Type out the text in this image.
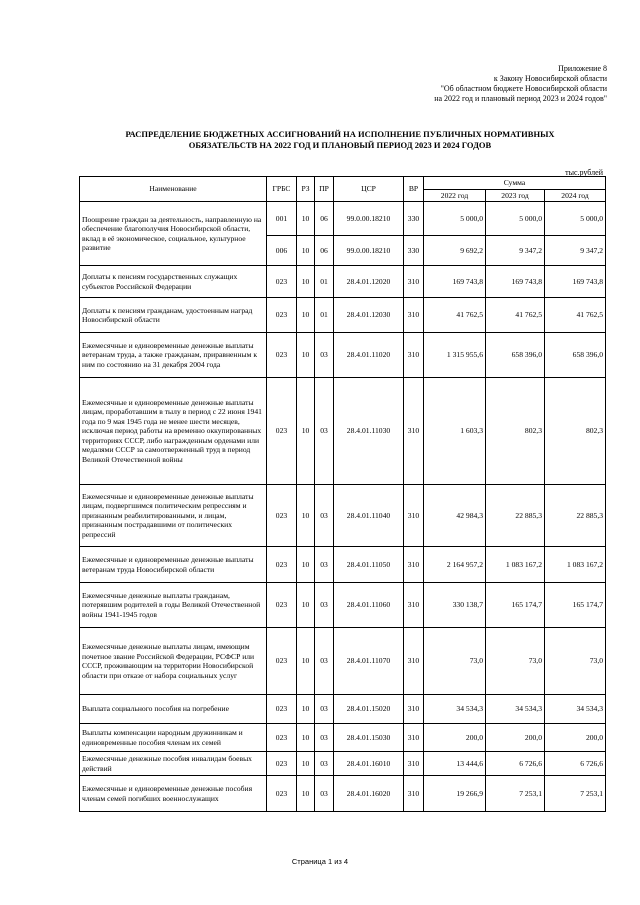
Приложение 8
к Закону Новосибирской области
"Об областном бюджете Новосибирской области
на 2022 год и плановый период 2023 и 2024 годов"
РАСПРЕДЕЛЕНИЕ БЮДЖЕТНЫХ АССИГНОВАНИЙ НА ИСПОЛНЕНИЕ ПУБЛИЧНЫХ НОРМАТИВНЫХ
ОБЯЗАТЕЛЬСТВ НА 2022 ГОД И ПЛАНОВЫЙ ПЕРИОД 2023 И 2024 ГОДОВ
тыс.рублей
Наименование	ГРБС	РЗ	ПР	ЦСР	ВР	Сумма		
						2022 год	2023 год	2024 год
Поощрение граждан за деятельность, направленную на обеспечение благополучия Новосибирской области, вклад в её экономическое, социальное, культурное развитие	001	10	06	99.0.00.18210	330	5 000,0	5 000,0	5 000,0
	006	10	06	99.0.00.18210	330	9 692,2	9 347,2	9 347,2
Доплаты к пенсиям государственных служащих субъектов Российской Федерации	023	10	01	28.4.01.12020	310	169 743,8	169 743,8	169 743,8
Доплаты к пенсиям гражданам, удостоенным наград Новосибирской области	023	10	01	28.4.01.12030	310	41 762,5	41 762,5	41 762,5
Ежемесячные и единовременные денежные выплаты ветеранам труда, а также гражданам, приравненным к ним по состоянию на 31 декабря 2004 года	023	10	03	28.4.01.11020	310	1 315 955,6	658 396,0	658 396,0
Ежемесячные и единовременные денежные выплаты лицам, проработавшим в тылу в период с 22 июня 1941 года по 9 мая 1945 года не менее шести месяцев, исключая период работы на временно оккупированных территориях СССР, либо награжденным орденами или медалями СССР за самоотверженный труд в период Великой Отечественной войны	023	10	03	28.4.01.11030	310	1 603,3	802,3	802,3
Ежемесячные и единовременные денежные выплаты лицам, подвергшимся политическим репрессиям и признанным реабилитированными, и лицам, признанным пострадавшими от политических репрессий	023	10	03	28.4.01.11040	310	42 984,3	22 885,3	22 885,3
Ежемесячные и единовременные денежные выплаты ветеранам труда Новосибирской области	023	10	03	28.4.01.11050	310	2 164 957,2	1 083 167,2	1 083 167,2
Ежемесячные денежные выплаты гражданам, потерявшим родителей в годы Великой Отечественной войны 1941-1945 годов	023	10	03	28.4.01.11060	310	330 138,7	165 174,7	165 174,7
Ежемесячные денежные выплаты лицам, имеющим почетное звание Российской Федерации, РСФСР или СССР, проживающим на территории Новосибирской области при отказе от набора социальных услуг	023	10	03	28.4.01.11070	310	73,0	73,0	73,0
Выплата социального пособия на погребение	023	10	03	28.4.01.15020	310	34 534,3	34 534,3	34 534,3
Выплаты компенсации народным дружинникам и единовременные пособия членам их семей	023	10	03	28.4.01.15030	310	200,0	200,0	200,0
Ежемесячные денежные пособия инвалидам боевых действий	023	10	03	28.4.01.16010	310	13 444,6	6 726,6	6 726,6
Ежемесячные и единовременные денежные пособия членам семей погибших военнослужащих	023	10	03	28.4.01.16020	310	19 266,9	7 253,1	7 253,1
Страница 1 из 4
